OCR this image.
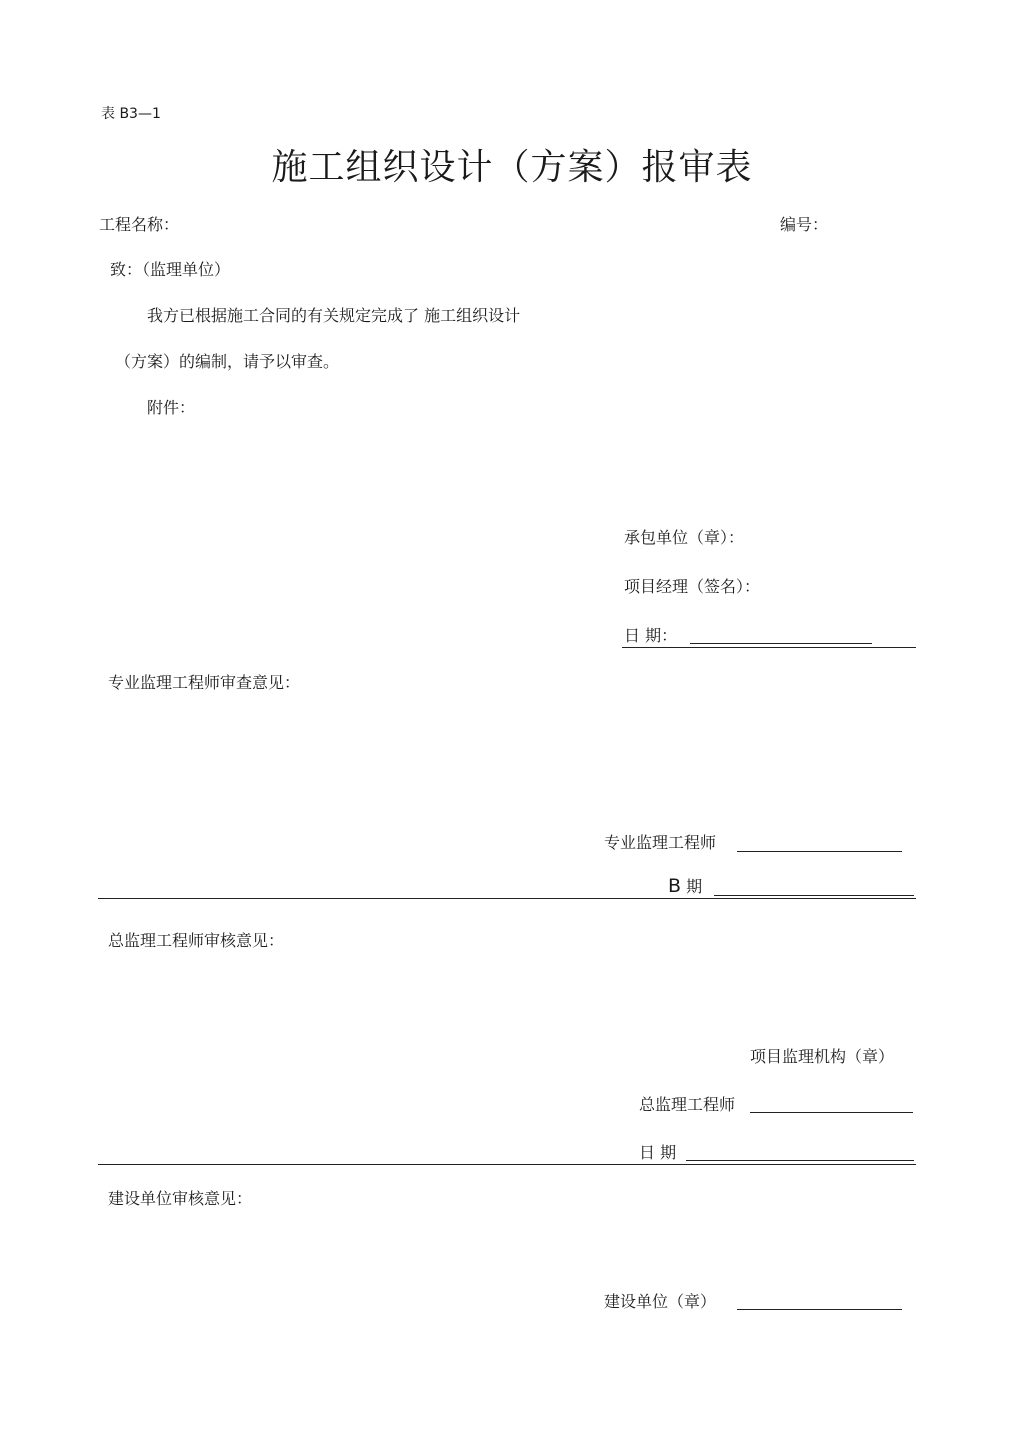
表 B3—1
施工组织设计（方案）报审表
工程名称：	编号：
致：（监理单位）
我方已根据施工合同的有关规定完成了 施工组织设计
（方案）的编制，请予以审查。
附件：
承包单位（章）：
项目经理（签名）：
日 期：
专业监理工程师审查意见：
专业监理工程师
B 期
总监理工程师审核意见：
项目监理机构（章）
总监理工程师
日 期
建设单位审核意见：
建设单位（章）
